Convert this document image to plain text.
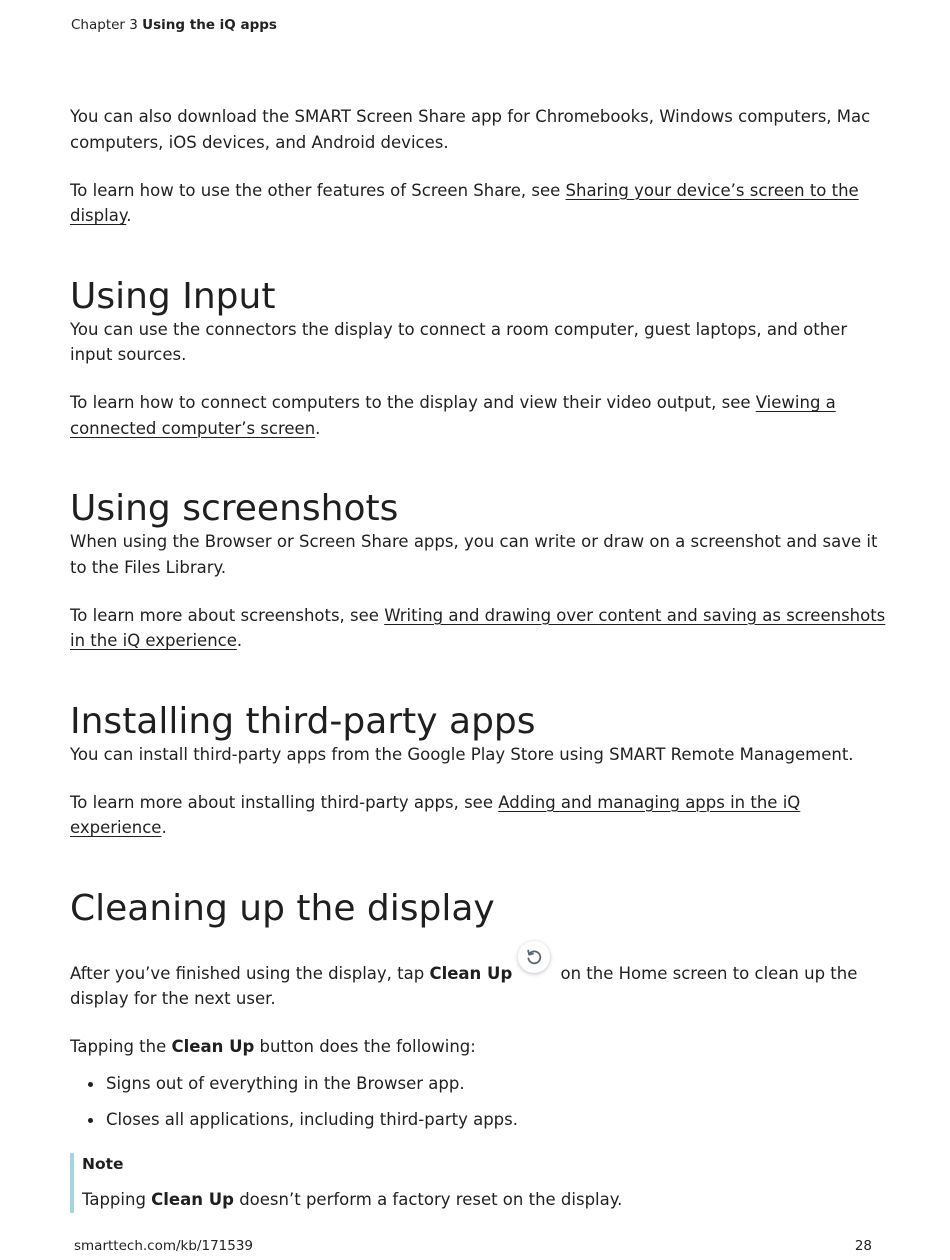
Chapter 3 Using the iQ apps

You can also download the SMART Screen Share app for Chromebooks, Windows computers, Mac computers, iOS devices, and Android devices.

To learn how to use the other features of Screen Share, see Sharing your device’s screen to the display.

Using Input

You can use the connectors the display to connect a room computer, guest laptops, and other input sources.

To learn how to connect computers to the display and view their video output, see Viewing a connected computer’s screen.

Using screenshots

When using the Browser or Screen Share apps, you can write or draw on a screenshot and save it to the Files Library.

To learn more about screenshots, see Writing and drawing over content and saving as screenshots in the iQ experience.

Installing third-party apps

You can install third-party apps from the Google Play Store using SMART Remote Management.

To learn more about installing third-party apps, see Adding and managing apps in the iQ experience.

Cleaning up the display

After you’ve finished using the display, tap Clean Up	on the Home screen to clean up the display for the next user.

Tapping the Clean Up button does the following:

Signs out of everything in the Browser app.
Closes all applications, including third-party apps.
Note

Tapping Clean Up doesn’t perform a factory reset on the display.

smarttech.com/kb/171539	28
